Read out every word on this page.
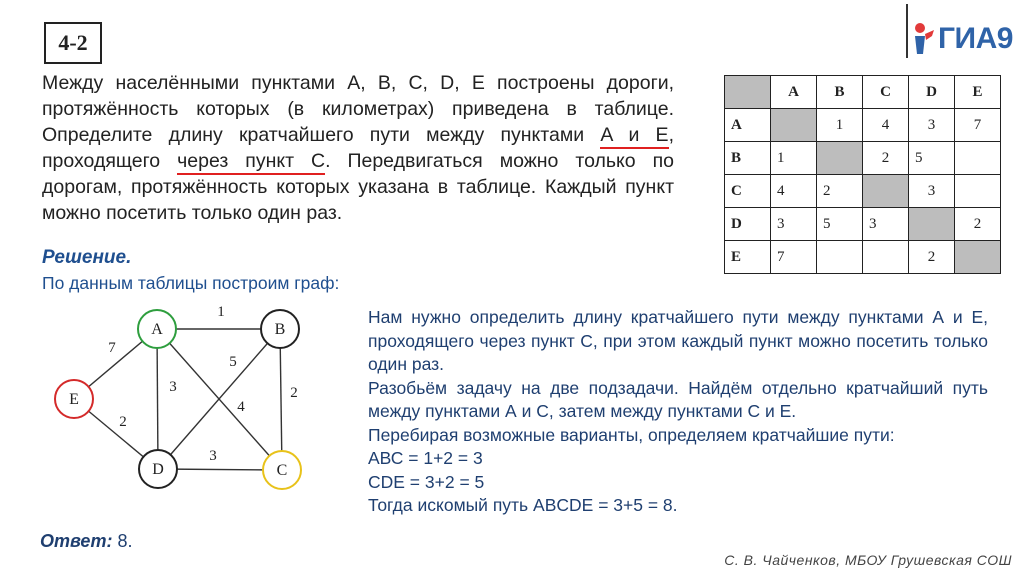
4-2	ГИА9
Между населёнными пунктами A, B, C, D, E построены дороги, протяжённость которых (в километрах) приведена в таблице. Определите длину кратчайшего пути между пунктами A и E, проходящего через пункт C. Передвигаться можно только по дорогам, протяжённость которых указана в таблице. Каждый пункт можно посетить только один раз.
	A	B	C	D	E
A		1	4	3	7
B	1		2	5	
C	4	2		3	
D	3	5	3		2
E	7			2	
Решение.
По данным таблицы построим граф:
1
7
3
5
4
2
2
3
A	B
C
D
E
Нам нужно определить длину кратчайшего пути между пунктами А и Е, проходящего через пункт С, при этом каждый пункт можно посетить только один раз.
Разобьём задачу на две подзадачи. Найдём отдельно кратчайший путь между пунктами А и С, затем между пунктами С и Е.
Перебирая возможные варианты, определяем кратчайшие пути:
АВС = 1+2 = 3
CDE = 3+2 = 5
Тогда искомый путь ABCDE = 3+5 = 8.
Ответ: 8.
С. В. Чайченков, МБОУ Грушевская СОШ
